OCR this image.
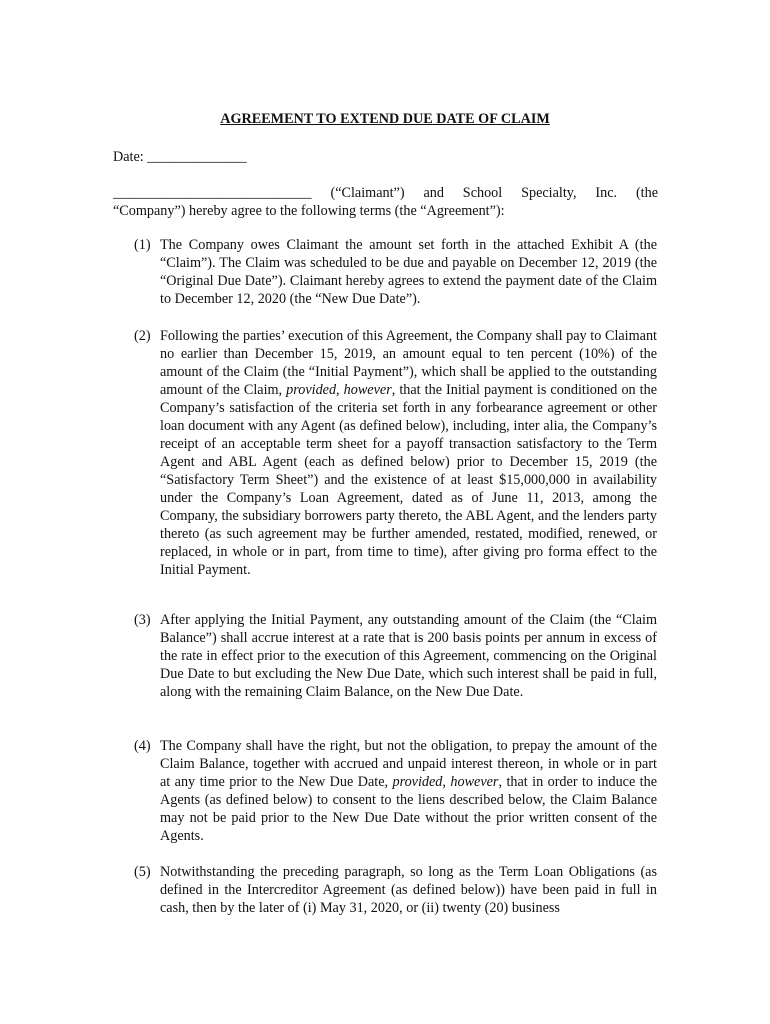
AGREEMENT TO EXTEND DUE DATE OF CLAIM
Date: ______________
____________________________ (“Claimant”) and School Specialty, Inc. (the
“Company”) hereby agree to the following terms (the “Agreement”):
(1) The Company owes Claimant the amount set forth in the attached Exhibit A (the “Claim”). The Claim was scheduled to be due and payable on December 12, 2019 (the “Original Due Date”). Claimant hereby agrees to extend the payment date of the Claim to December 12, 2020 (the “New Due Date”).
(2) Following the parties’ execution of this Agreement, the Company shall pay to Claimant no earlier than December 15, 2019, an amount equal to ten percent (10%) of the amount of the Claim (the “Initial Payment”), which shall be applied to the outstanding amount of the Claim, provided, however, that the Initial payment is conditioned on the Company’s satisfaction of the criteria set forth in any forbearance agreement or other loan document with any Agent (as defined below), including, inter alia, the Company’s receipt of an acceptable term sheet for a payoff transaction satisfactory to the Term Agent and ABL Agent (each as defined below) prior to December 15, 2019 (the “Satisfactory Term Sheet”) and the existence of at least $15,000,000 in availability under the Company’s Loan Agreement, dated as of June 11, 2013, among the Company, the subsidiary borrowers party thereto, the ABL Agent, and the lenders party thereto (as such agreement may be further amended, restated, modified, renewed, or replaced, in whole or in part, from time to time), after giving pro forma effect to the Initial Payment.
(3) After applying the Initial Payment, any outstanding amount of the Claim (the “Claim Balance”) shall accrue interest at a rate that is 200 basis points per annum in excess of the rate in effect prior to the execution of this Agreement, commencing on the Original Due Date to but excluding the New Due Date, which such interest shall be paid in full, along with the remaining Claim Balance, on the New Due Date.
(4) The Company shall have the right, but not the obligation, to prepay the amount of the Claim Balance, together with accrued and unpaid interest thereon, in whole or in part at any time prior to the New Due Date, provided, however, that in order to induce the Agents (as defined below) to consent to the liens described below, the Claim Balance may not be paid prior to the New Due Date without the prior written consent of the Agents.
(5) Notwithstanding the preceding paragraph, so long as the Term Loan Obligations (as defined in the Intercreditor Agreement (as defined below)) have been paid in full in cash, then by the later of (i) May 31, 2020, or (ii) twenty (20) business
